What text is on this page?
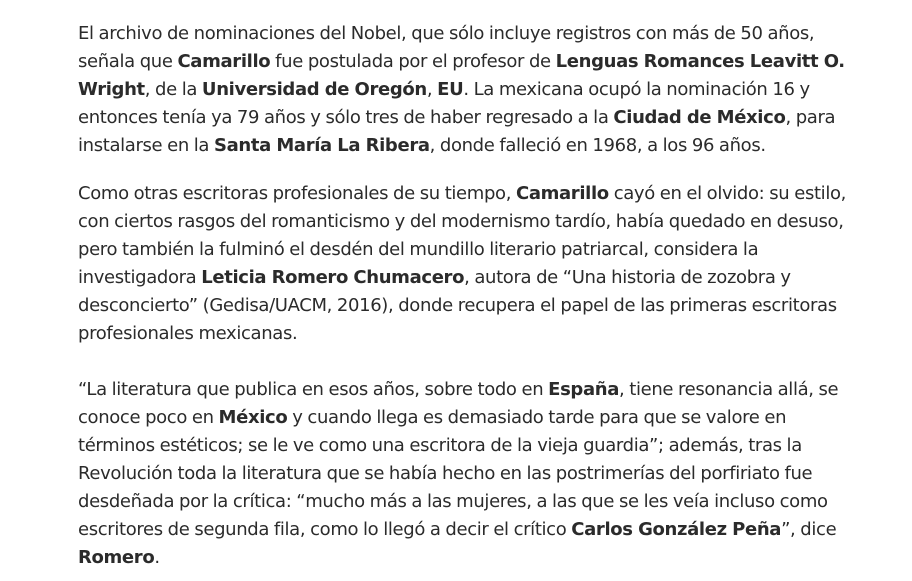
El archivo de nominaciones del Nobel, que sólo incluye registros con más de 50 años,
señala que Camarillo fue postulada por el profesor de Lenguas Romances Leavitt O.
Wright, de la Universidad de Oregón, EU. La mexicana ocupó la nominación 16 y
entonces tenía ya 79 años y sólo tres de haber regresado a la Ciudad de México, para
instalarse en la Santa María La Ribera, donde falleció en 1968, a los 96 años.

Como otras escritoras profesionales de su tiempo, Camarillo cayó en el olvido: su estilo,
con ciertos rasgos del romanticismo y del modernismo tardío, había quedado en desuso,
pero también la fulminó el desdén del mundillo literario patriarcal, considera la
investigadora Leticia Romero Chumacero, autora de “Una historia de zozobra y
desconcierto” (Gedisa/UACM, 2016), donde recupera el papel de las primeras escritoras
profesionales mexicanas.

“La literatura que publica en esos años, sobre todo en España, tiene resonancia allá, se
conoce poco en México y cuando llega es demasiado tarde para que se valore en
términos estéticos; se le ve como una escritora de la vieja guardia”; además, tras la
Revolución toda la literatura que se había hecho en las postrimerías del porfiriato fue
desdeñada por la crítica: “mucho más a las mujeres, a las que se les veía incluso como
escritores de segunda fila, como lo llegó a decir el crítico Carlos González Peña”, dice
Romero.
